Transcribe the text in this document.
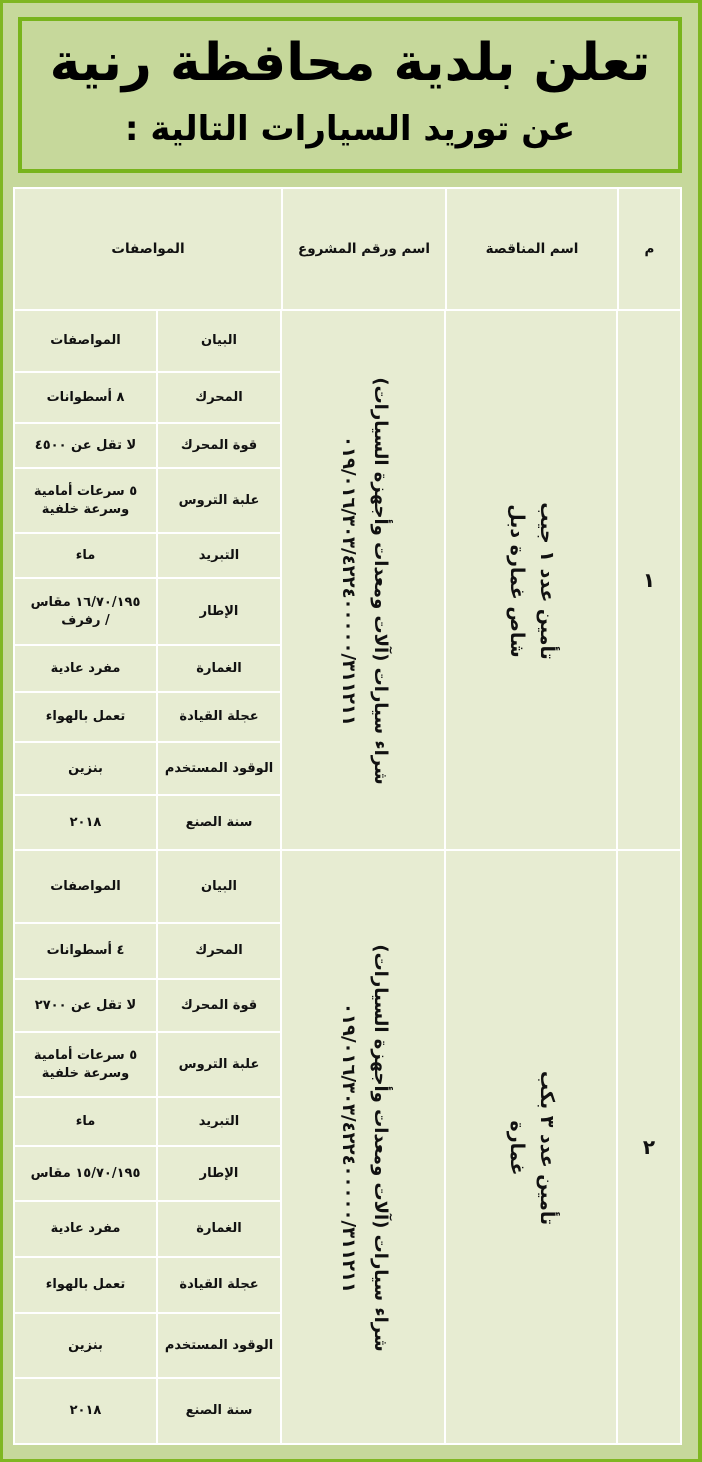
تعلن بلدية محافظة رنية
عن توريد السيارات التالية :
م
اسم المناقصة
اسم ورقم المشروع
المواصفات
١
تأمين عدد ١ جيب
شاص غمارة دبل
شراء سيارات (آلات ومعدات وأجهزة السيارات)
٠١٩/٠١٦/٣٠٣/٤٢٢٤٠٠٠٠٠/٣١١٢١١
البيان
المواصفات
المحرك
٨ أسطوانات
قوة المحرك
لا تقل عن ٤٥٠٠
علبة التروس
٥ سرعات أمامية وسرعة خلفية
التبريد
ماء
الإطار
١٦/٧٠/١٩٥ مقاس / رفرف
الغمارة
مفرد عادية
عجلة القيادة
تعمل بالهواء
الوقود المستخدم
بنزين
سنة الصنع
٢٠١٨
٢
تأمين عدد ٣ بكب
غمارة
شراء سيارات (آلات ومعدات وأجهزة السيارات)
٠١٩/٠١٦/٣٠٣/٤٢٢٤٠٠٠٠٠/٣١١٢١١
البيان
المواصفات
المحرك
٤ أسطوانات
قوة المحرك
لا تقل عن ٢٧٠٠
علبة التروس
٥ سرعات أمامية وسرعة خلفية
التبريد
ماء
الإطار
١٥/٧٠/١٩٥ مقاس
الغمارة
مفرد عادية
عجلة القيادة
تعمل بالهواء
الوقود المستخدم
بنزين
سنة الصنع
٢٠١٨
